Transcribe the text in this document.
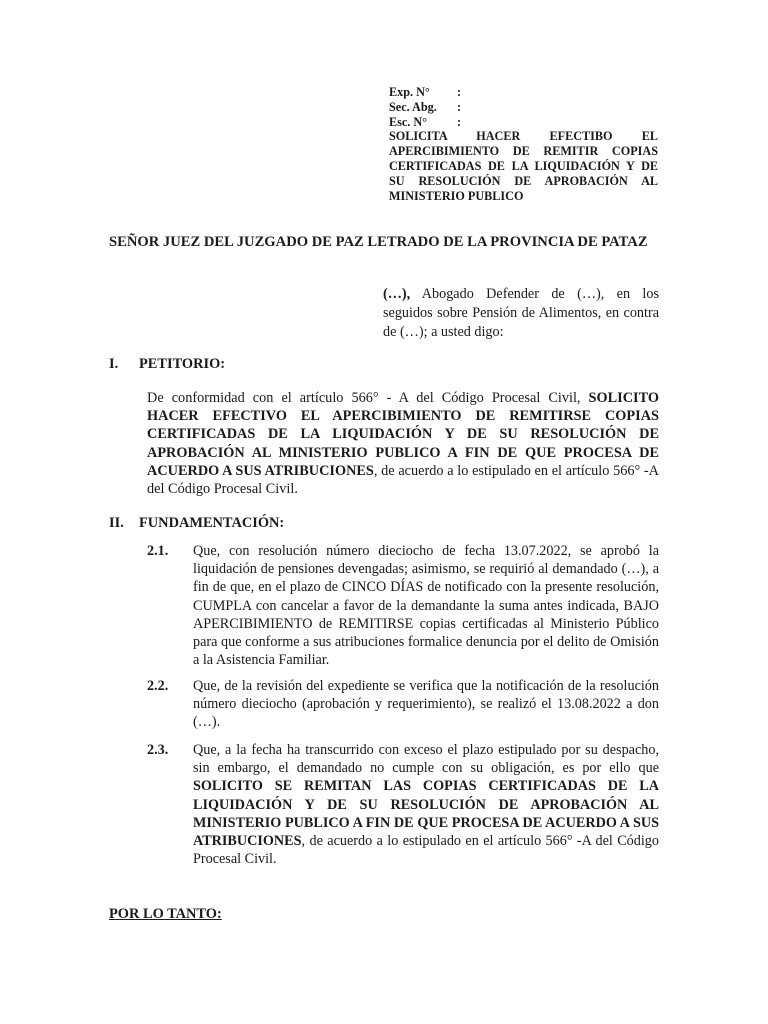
Exp. N° :
Sec. Abg. :
Esc. N° :
SOLICITA HACER EFECTIBO EL APERCIBIMIENTO DE REMITIR COPIAS CERTIFICADAS DE LA LIQUIDACIÓN Y DE SU RESOLUCIÓN DE APROBACIÓN AL MINISTERIO PUBLICO
SEÑOR JUEZ DEL JUZGADO DE PAZ LETRADO DE LA PROVINCIA DE PATAZ
(…), Abogado Defender de (…), en los seguidos sobre Pensión de Alimentos, en contra de (…); a usted digo:
I. PETITORIO:
De conformidad con el artículo 566° - A del Código Procesal Civil, SOLICITO HACER EFECTIVO EL APERCIBIMIENTO DE REMITIRSE COPIAS CERTIFICADAS DE LA LIQUIDACIÓN Y DE SU RESOLUCIÓN DE APROBACIÓN AL MINISTERIO PUBLICO A FIN DE QUE PROCESA DE ACUERDO A SUS ATRIBUCIONES, de acuerdo a lo estipulado en el artículo 566° -A del Código Procesal Civil.
II. FUNDAMENTACIÓN:
2.1. Que, con resolución número dieciocho de fecha 13.07.2022, se aprobó la liquidación de pensiones devengadas; asimismo, se requirió al demandado (…), a fin de que, en el plazo de CINCO DÍAS de notificado con la presente resolución, CUMPLA con cancelar a favor de la demandante la suma antes indicada, BAJO APERCIBIMIENTO de REMITIRSE copias certificadas al Ministerio Público para que conforme a sus atribuciones formalice denuncia por el delito de Omisión a la Asistencia Familiar.
2.2. Que, de la revisión del expediente se verifica que la notificación de la resolución número dieciocho (aprobación y requerimiento), se realizó el 13.08.2022 a don (…).
2.3. Que, a la fecha ha transcurrido con exceso el plazo estipulado por su despacho, sin embargo, el demandado no cumple con su obligación, es por ello que SOLICITO SE REMITAN LAS COPIAS CERTIFICADAS DE LA LIQUIDACIÓN Y DE SU RESOLUCIÓN DE APROBACIÓN AL MINISTERIO PUBLICO A FIN DE QUE PROCESA DE ACUERDO A SUS ATRIBUCIONES, de acuerdo a lo estipulado en el artículo 566° -A del Código Procesal Civil.
POR LO TANTO:
